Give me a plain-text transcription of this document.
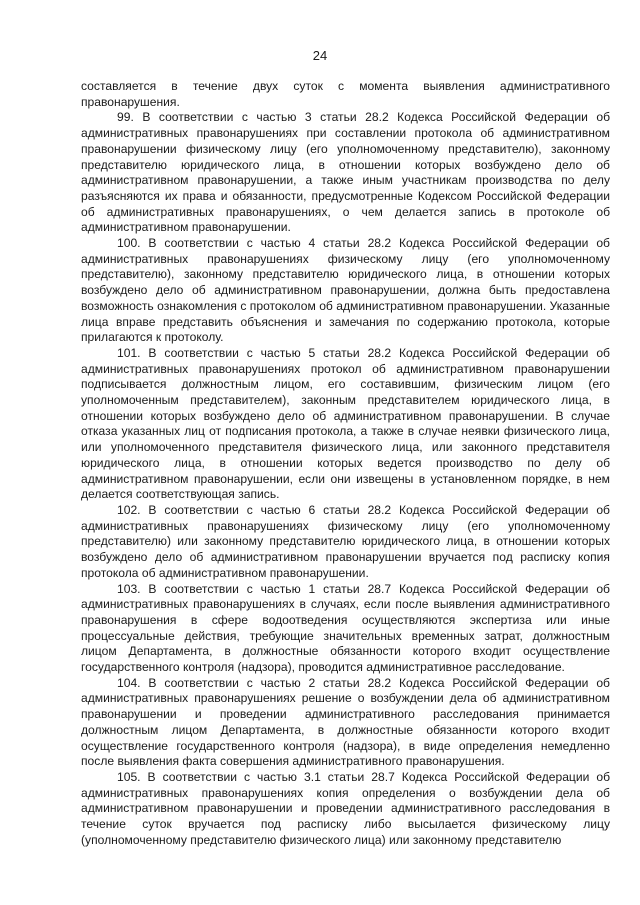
24

составляется в течение двух суток с момента выявления административного правонарушения.

99. В соответствии с частью 3 статьи 28.2 Кодекса Российской Федерации об административных правонарушениях при составлении протокола об административном правонарушении физическому лицу (его уполномоченному представителю), законному представителю юридического лица, в отношении которых возбуждено дело об административном правонарушении, а также иным участникам производства по делу разъясняются их права и обязанности, предусмотренные Кодексом Российской Федерации об административных правонарушениях, о чем делается запись в протоколе об административном правонарушении.

100. В соответствии с частью 4 статьи 28.2 Кодекса Российской Федерации об административных правонарушениях физическому лицу (его уполномоченному представителю), законному представителю юридического лица, в отношении которых возбуждено дело об административном правонарушении, должна быть предоставлена возможность ознакомления с протоколом об административном правонарушении. Указанные лица вправе представить объяснения и замечания по содержанию протокола, которые прилагаются к протоколу.

101. В соответствии с частью 5 статьи 28.2 Кодекса Российской Федерации об административных правонарушениях протокол об административном правонарушении подписывается должностным лицом, его составившим, физическим лицом (его уполномоченным представителем), законным представителем юридического лица, в отношении которых возбуждено дело об административном правонарушении. В случае отказа указанных лиц от подписания протокола, а также в случае неявки физического лица, или уполномоченного представителя физического лица, или законного представителя юридического лица, в отношении которых ведется производство по делу об административном правонарушении, если они извещены в установленном порядке, в нем делается соответствующая запись.

102. В соответствии с частью 6 статьи 28.2 Кодекса Российской Федерации об административных правонарушениях физическому лицу (его уполномоченному представителю) или законному представителю юридического лица, в отношении которых возбуждено дело об административном правонарушении вручается под расписку копия протокола об административном правонарушении.

103. В соответствии с частью 1 статьи 28.7 Кодекса Российской Федерации об административных правонарушениях в случаях, если после выявления административного правонарушения в сфере водоотведения осуществляются экспертиза или иные процессуальные действия, требующие значительных временных затрат, должностным лицом Департамента, в должностные обязанности которого входит осуществление государственного контроля (надзора), проводится административное расследование.

104. В соответствии с частью 2 статьи 28.2 Кодекса Российской Федерации об административных правонарушениях решение о возбуждении дела об административном правонарушении и проведении административного расследования принимается должностным лицом Департамента, в должностные обязанности которого входит осуществление государственного контроля (надзора), в виде определения немедленно после выявления факта совершения административного правонарушения.

105. В соответствии с частью 3.1 статьи 28.7 Кодекса Российской Федерации об административных правонарушениях копия определения о возбуждении дела об административном правонарушении и проведении административного расследования в течение суток вручается под расписку либо высылается физическому лицу (уполномоченному представителю физического лица) или законному представителю
